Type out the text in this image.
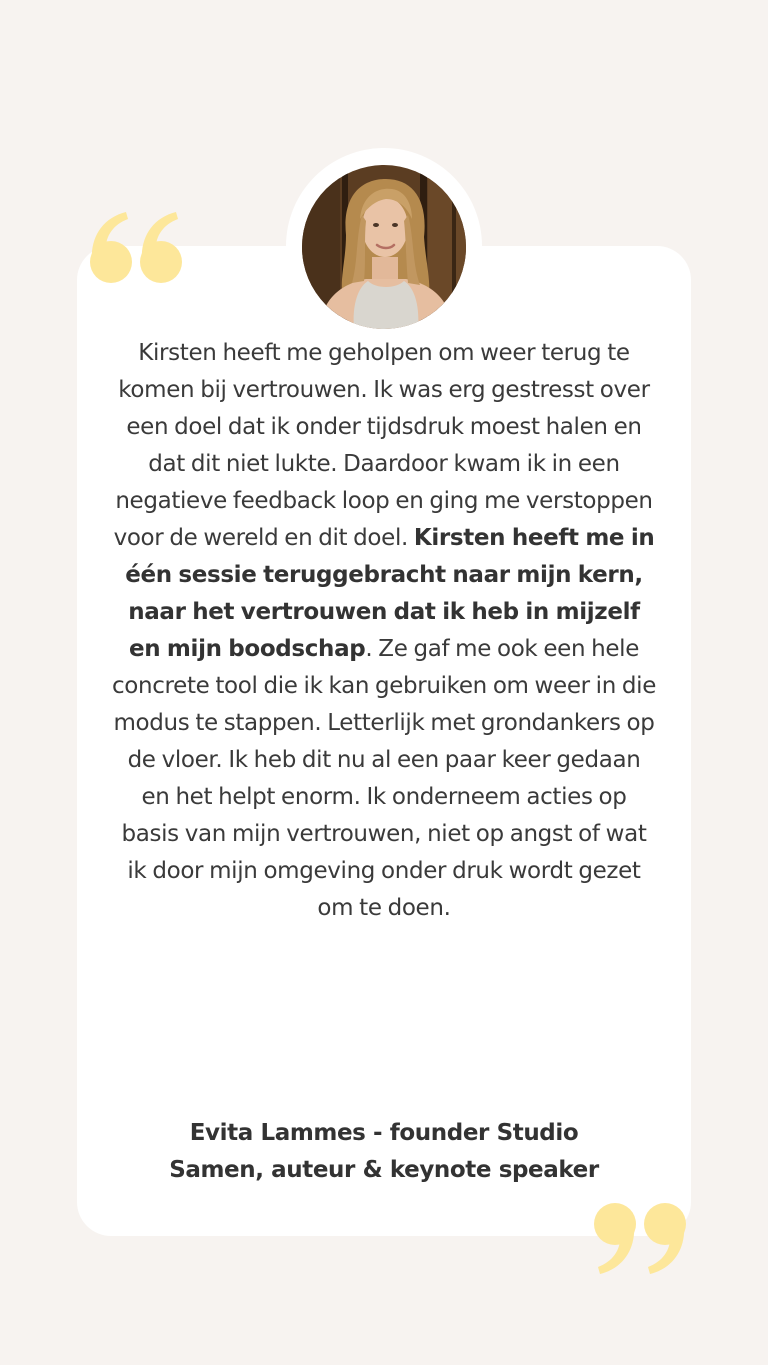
Kirsten heeft me geholpen om weer terug te komen bij vertrouwen. Ik was erg gestresst over een doel dat ik onder tijdsdruk moest halen en dat dit niet lukte. Daardoor kwam ik in een negatieve feedback loop en ging me verstoppen voor de wereld en dit doel. Kirsten heeft me in één sessie teruggebracht naar mijn kern, naar het vertrouwen dat ik heb in mijzelf en mijn boodschap. Ze gaf me ook een hele concrete tool die ik kan gebruiken om weer in die modus te stappen. Letterlijk met grondankers op de vloer. Ik heb dit nu al een paar keer gedaan en het helpt enorm. Ik onderneem acties op basis van mijn vertrouwen, niet op angst of wat ik door mijn omgeving onder druk wordt gezet om te doen.

Evita Lammes - founder Studio
Samen, auteur & keynote speaker
